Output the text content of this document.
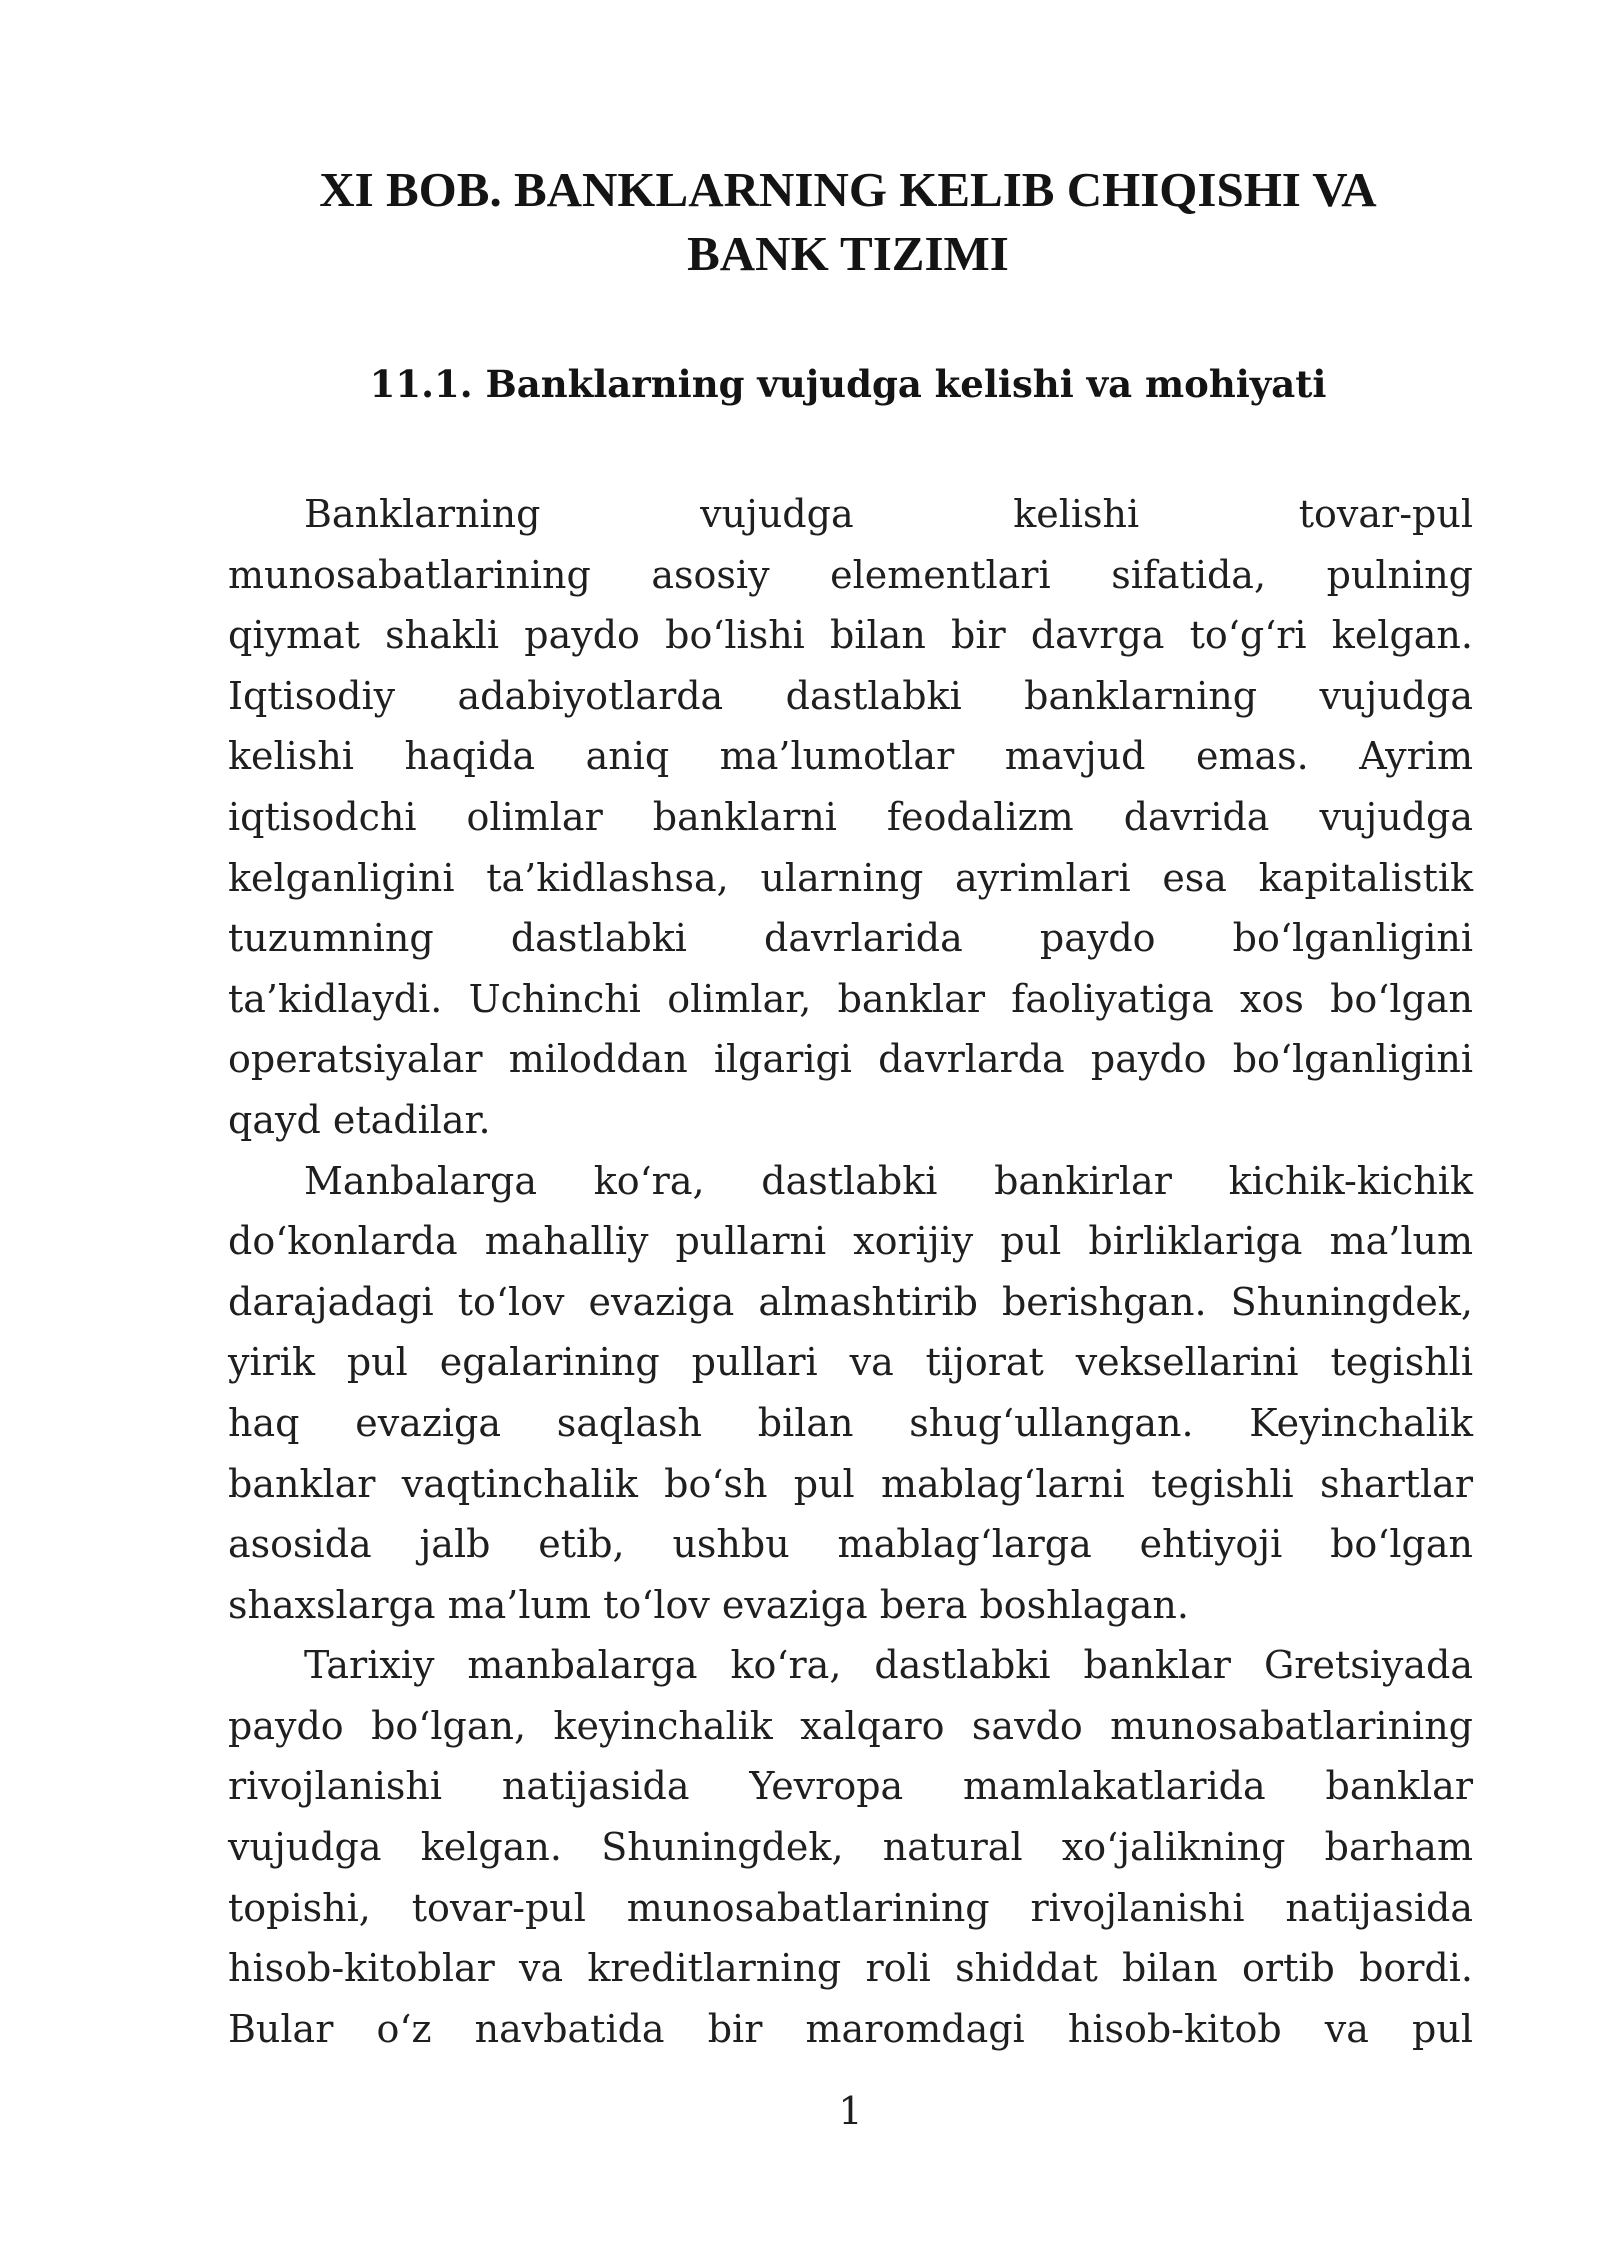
XI BOB. BANKLARNING KELIB CHIQISHI VA
BANK TIZIMI
11.1. Banklarning vujudga kelishi va mohiyati

Banklarning vujudga kelishi tovar-pul
munosabatlarining asosiy elementlari sifatida, pulning
qiymat shakli paydo bo‘lishi bilan bir davrga to‘g‘ri kelgan.
Iqtisodiy adabiyotlarda dastlabki banklarning vujudga
kelishi haqida aniq ma’lumotlar mavjud emas. Ayrim
iqtisodchi olimlar banklarni feodalizm davrida vujudga
kelganligini ta’kidlashsa, ularning ayrimlari esa kapitalistik
tuzumning dastlabki davrlarida paydo bo‘lganligini
ta’kidlaydi. Uchinchi olimlar, banklar faoliyatiga xos bo‘lgan
operatsiyalar miloddan ilgarigi davrlarda paydo bo‘lganligini
qayd etadilar.

Manbalarga ko‘ra, dastlabki bankirlar kichik-kichik
do‘konlarda mahalliy pullarni xorijiy pul birliklariga ma’lum
darajadagi to‘lov evaziga almashtirib berishgan. Shuningdek,
yirik pul egalarining pullari va tijorat veksellarini tegishli
haq evaziga saqlash bilan shug‘ullangan. Keyinchalik
banklar vaqtinchalik bo‘sh pul mablag‘larni tegishli shartlar
asosida jalb etib, ushbu mablag‘larga ehtiyoji bo‘lgan
shaxslarga ma’lum to‘lov evaziga bera boshlagan.

Tarixiy manbalarga ko‘ra, dastlabki banklar Gretsiyada
paydo bo‘lgan, keyinchalik xalqaro savdo munosabatlarining
rivojlanishi natijasida Yevropa mamlakatlarida banklar
vujudga kelgan. Shuningdek, natural xo‘jalikning barham
topishi, tovar-pul munosabatlarining rivojlanishi natijasida
hisob-kitoblar va kreditlarning roli shiddat bilan ortib bordi.
Bular o‘z navbatida bir maromdagi hisob-kitob va pul

1
